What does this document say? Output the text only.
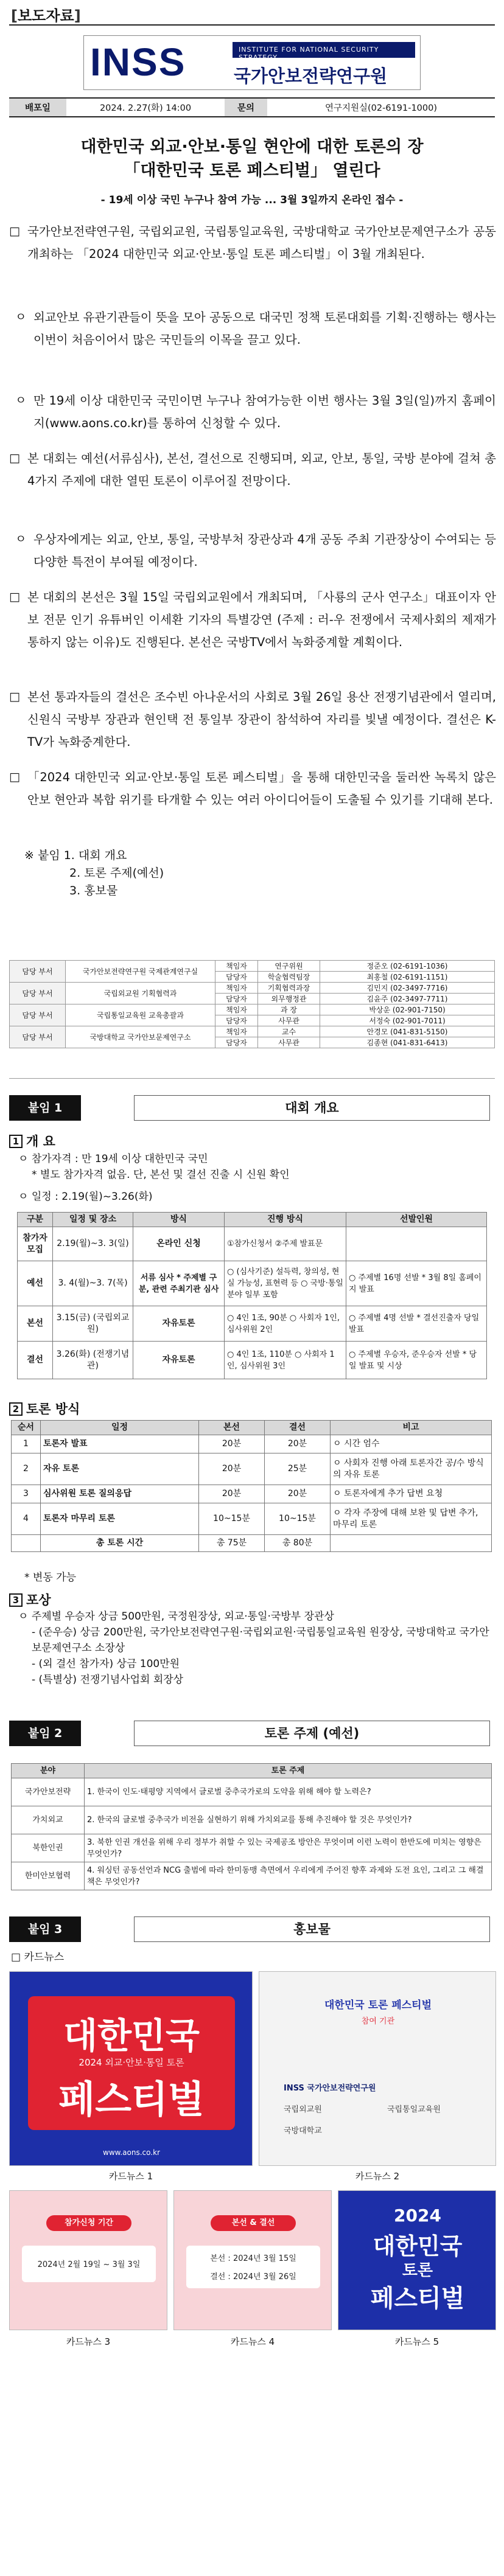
[보도자료]
INSS	INSTITUTE FOR NATIONAL SECURITY STRATEGY
국가안보전략연구원
배포일	2024. 2.27(화) 14:00	문의	연구지원실(02-6191-1000)
대한민국 외교·안보·통일 현안에 대한 토론의 장
「대한민국 토론 페스티벌」 열린다
- 19세 이상 국민 누구나 참여 가능 ... 3월 3일까지 온라인 접수 -
□ 국가안보전략연구원, 국립외교원, 국립통일교육원, 국방대학교 국가안보문제연구소가 공동 개최하는 「2024 대한민국 외교·안보·통일 토론 페스티벌」이 3월 개최된다.
ㅇ 외교안보 유관기관들이 뜻을 모아 공동으로 대국민 정책 토론대회를 기획·진행하는 행사는 이번이 처음이어서 많은 국민들의 이목을 끌고 있다.
ㅇ 만 19세 이상 대한민국 국민이면 누구나 참여가능한 이번 행사는 3월 3일(일)까지 홈페이지(www.aons.co.kr)를 통하여 신청할 수 있다.
□ 본 대회는 예선(서류심사), 본선, 결선으로 진행되며, 외교, 안보, 통일, 국방 분야에 걸쳐 총 4가지 주제에 대한 열띤 토론이 이루어질 전망이다.
ㅇ 우상자에게는 외교, 안보, 통일, 국방부처 장관상과 4개 공동 주최 기관장상이 수여되는 등 다양한 특전이 부여될 예정이다.
□ 본 대회의 본선은 3월 15일 국립외교원에서 개최되며, 「사룡의 군사 연구소」대표이자 안보 전문 인기 유튜버인 이세환 기자의 특별강연 (주제 : 러-우 전쟁에서 국제사회의 제재가 통하지 않는 이유)도 진행된다. 본선은 국방TV에서 녹화중계할 계획이다.
□ 본선 통과자들의 결선은 조수빈 아나운서의 사회로 3월 26일 용산 전쟁기념관에서 열리며, 신원식 국방부 장관과 현인택 전 통일부 장관이 참석하여 자리를 빛낼 예정이다. 결선은 K-TV가 녹화중계한다.
□ 「2024 대한민국 외교·안보·통일 토론 페스티벌」을 통해 대한민국을 둘러싼 녹록치 않은 안보 현안과 복합 위기를 타개할 수 있는 여러 아이디어들이 도출될 수 있기를 기대해 본다.
※ 붙임 1. 대회 개요
2. 토론 주제(예선)
3. 홍보물
담당 부서	국가안보전략연구원 국제관계연구실	책임자	연구위원	정준오 (02-6191-1036)
		담당자	학술협력팀장	최홍철 (02-6191-1151)
담당 부서	국립외교원 기획협력과	책임자	기획협력과장	김민지 (02-3497-7716)
		담당자	외무행정관	김윤주 (02-3497-7711)
담당 부서	국립통일교육원 교육총괄과	책임자	과 장	박상운 (02-901-7150)
		담당자	사무관	서정숙 (02-901-7011)
담당 부서	국방대학교 국가안보문제연구소	책임자	교수	안경모 (041-831-5150)
		담당자	사무관	김종현 (041-831-6413)
붙임 1	대회 개요
1 개 요
ㅇ 참가자격 : 만 19세 이상 대한민국 국민
* 별도 참가자격 없음. 단, 본선 및 결선 진출 시 신원 확인
ㅇ 일정 : 2.19(월)~3.26(화)
구분	일정 및 장소	방식	진행 방식	선발인원
참가자 모집	2.19(월)~3. 3(일)	온라인 신청	①참가신청서 ②주제 발표문	
예선	3. 4(월)~3. 7(목)	서류 심사 * 주제별 구분, 관련 주최기관 심사	○ (심사기준) 설득력, 창의성, 현실 가능성, 표현력 등 ○ 국방·통일 분야 일부 포함	○ 주제별 16명 선발 * 3월 8일 홈페이지 발표
본선	3.15(금) (국립외교원)	자유토론	○ 4인 1조, 90분 ○ 사회자 1인, 심사위원 2인	○ 주제별 4명 선발 * 결선진출자 당일 발표
결선	3.26(화) (전쟁기념관)	자유토론	○ 4인 1조, 110분 ○ 사회자 1인, 심사위원 3인	○ 주제별 우승자, 준우승자 선발 * 당일 발표 및 시상
2 토론 방식
순서	일정	본선	결선	비고
1	토론자 발표	20분	20분	ㅇ 시간 엄수
2	자유 토론	20분	25분	ㅇ 사회자 진행 아래 토론자간 공/수 방식의 자유 토론
3	심사위원 토론 질의응답	20분	20분	ㅇ 토론자에게 추가 답변 요청
4	토론자 마무리 토론	10~15분	10~15분	ㅇ 각자 주장에 대해 보완 및 답변 추가, 마무리 토론
	총 토론 시간	총 75분	총 80분	
* 변동 가능
3 포상
ㅇ 주제별 우승자 상금 500만원, 국정원장상, 외교·통일·국방부 장관상
- (준우승) 상금 200만원, 국가안보전략연구원·국립외교원·국립통일교육원 원장상, 국방대학교 국가안보문제연구소 소장상
- (외 결선 참가자) 상금 100만원
- (특별상) 전쟁기념사업회 회장상
붙임 2	토론 주제 (예선)
분야	토론 주제
국가안보전략	1. 한국이 인도·태평양 지역에서 글로벌 중추국가로의 도약을 위해 해야 할 노력은?
가치외교	2. 한국의 글로벌 중추국가 비전을 실현하기 위해 가치외교를 통해 추진해야 할 것은 무엇인가?
북한인권	3. 북한 인권 개선을 위해 우리 정부가 취할 수 있는 국제공조 방안은 무엇이며 이런 노력이 한반도에 미치는 영향은 무엇인가?
한미안보협력	4. 워싱턴 공동선언과 NCG 출범에 따라 한미동맹 측면에서 우리에게 주어진 향후 과제와 도전 요인, 그리고 그 해결책은 무엇인가?
붙임 3	홍보물
□ 카드뉴스
대한민국
2024 외교·안보·통일 토론
페스티벌
www.aons.co.kr
카드뉴스 1
대한민국 토론 페스티벌
참여 기관
INSS 국가안보전략연구원
국립외교원	국립통일교육원
국방대학교
카드뉴스 2
참가신청 기간
2024년 2월 19일 ~ 3월 3일
카드뉴스 3
본선 & 결선
본선 : 2024년 3월 15일
결선 : 2024년 3월 26일
카드뉴스 4
2024
대한민국
토론
페스티벌
카드뉴스 5
